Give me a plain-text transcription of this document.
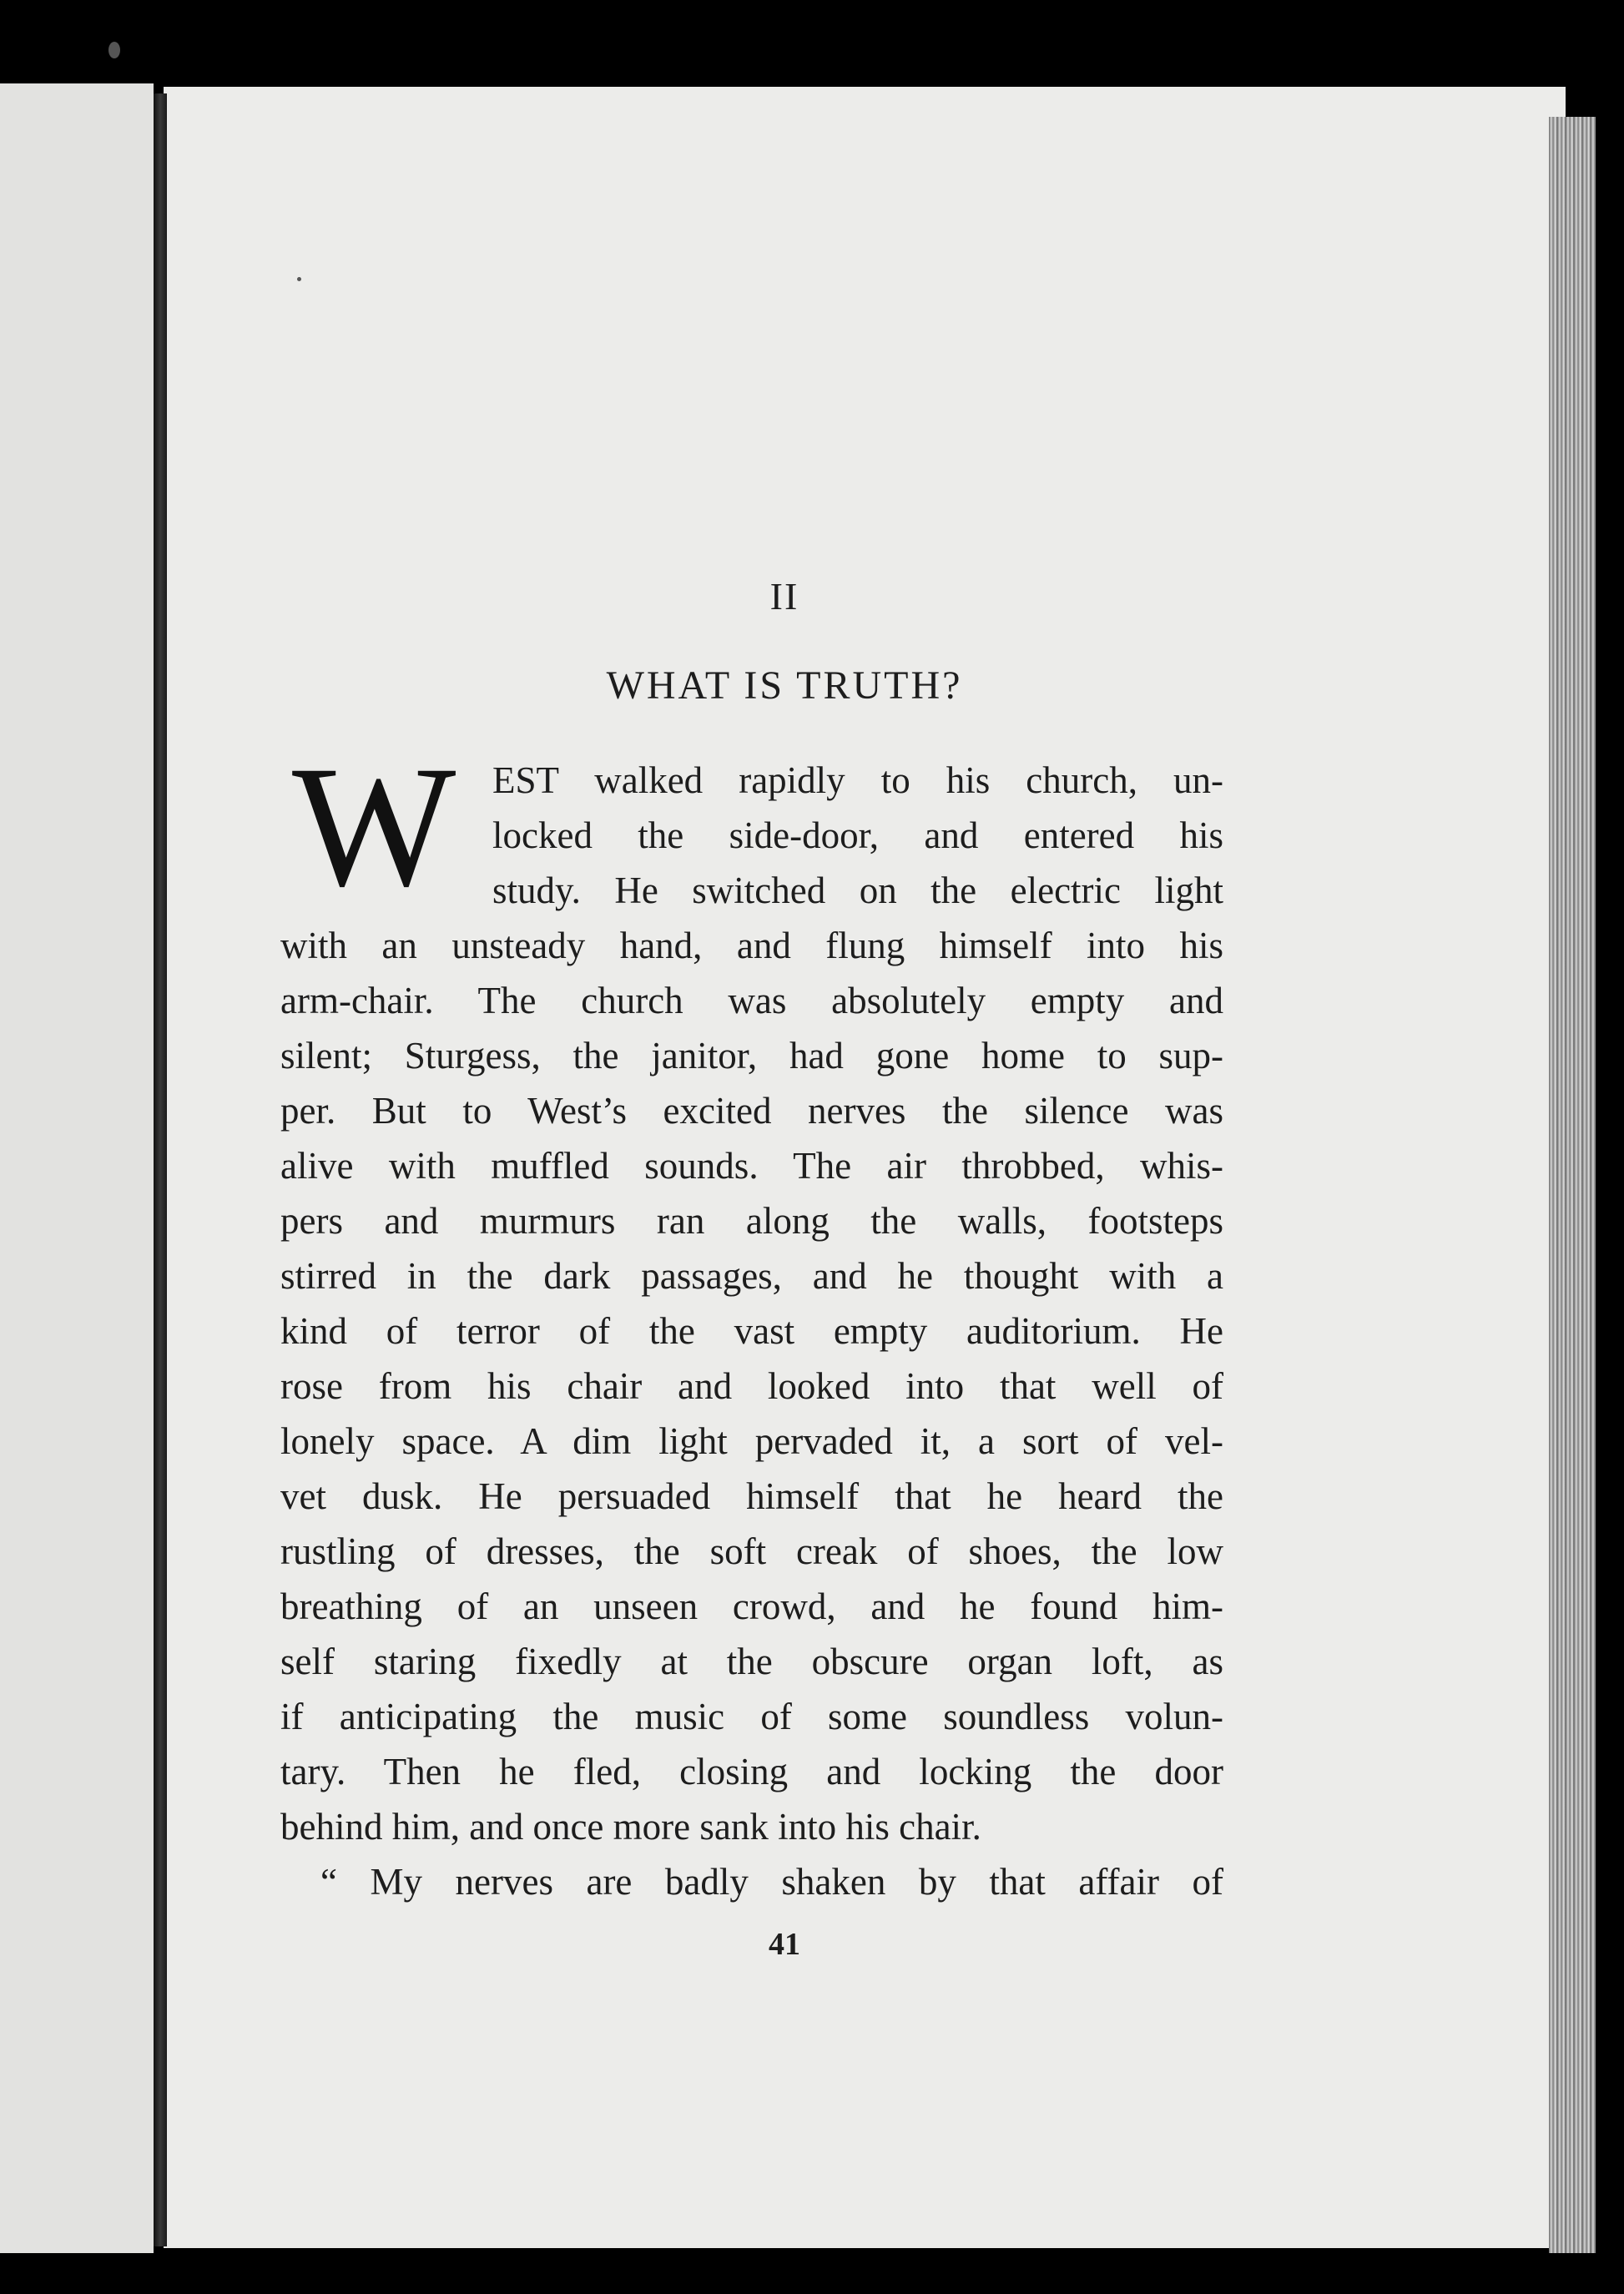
II
WHAT IS TRUTH?
W EST walked rapidly to his church, un-
locked the side-door, and entered his
study. He switched on the electric light
with an unsteady hand, and flung himself into his
arm-chair. The church was absolutely empty and
silent; Sturgess, the janitor, had gone home to sup-
per. But to West’s excited nerves the silence was
alive with muffled sounds. The air throbbed, whis-
pers and murmurs ran along the walls, footsteps
stirred in the dark passages, and he thought with a
kind of terror of the vast empty auditorium. He
rose from his chair and looked into that well of
lonely space. A dim light pervaded it, a sort of vel-
vet dusk. He persuaded himself that he heard the
rustling of dresses, the soft creak of shoes, the low
breathing of an unseen crowd, and he found him-
self staring fixedly at the obscure organ loft, as
if anticipating the music of some soundless volun-
tary. Then he fled, closing and locking the door
behind him, and once more sank into his chair.
“ My nerves are badly shaken by that affair of
41
